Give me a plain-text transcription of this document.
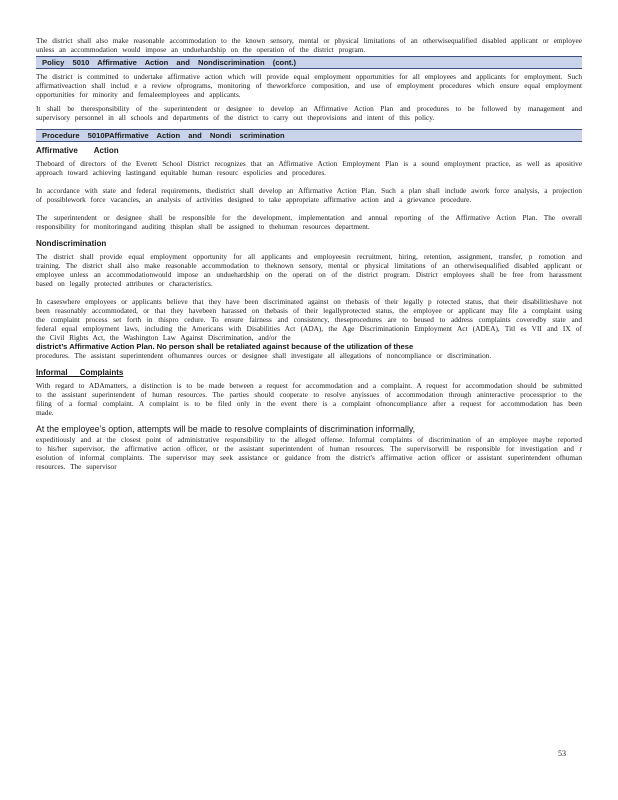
The district shall also make reasonable accommodation to the known sensory, mental or physical limitations of an otherwisequalified disabled applicant or employee unless an accommodation would impose an unduehardship on the operation of the district program.

Policy 5010 Affirmative Action and Nondiscrimination (cont.)

The district is committed to undertake affirmative action which will provide equal employment opportunities for all employees and applicants for employment. Such affirmativeaction shall includ e a review ofprograms, monitoring of theworkforce composition, and use of employment procedures which ensure equal employment opportunities for minority and femaleemployees and applicants.

It shall be theresponsibility of the superintendent or designee to develop an Affirmative Action Plan and procedures to be followed by management and supervisory personnel in all schools and departments of the district to carry out theprovisions and intent of this policy.

Procedure 5010PAffirmative Action and Nondi scrimination
Affirmative Action

Theboard of directors of the Everett School District recognizes that an Affirmative Action Employment Plan is a sound employment practice, as well as apositive approach toward achieving lastingand equitable human resourc espolicies and procedures.

In accordance with state and federal requirements, thedistrict shall develop an Affirmative Action Plan. Such a plan shall include awork force analysis, a projection of possiblework force vacancies, an analysis of activities designed to take appropriate affirmative action and a grievance procedure.

The superintendent or designee shall be responsible for the development, implementation and annual reporting of the Affirmative Action Plan. The overall responsibility for monitoringand auditing thisplan shall be assigned to thehuman resources department.

Nondiscrimination

The district shall provide equal employment opportunity for all applicants and employeesin recruitment, hiring, retention, assignment, transfer, p romotion and training. The district shall also make reasonable accommodation to theknown sensory, mental or physical limitations of an otherwisequalified disabled applicant or employee unless an accommodationwould impose an unduehardship on the operati on of the district program. District employees shall be free from harassment based on legally protected attributes or characteristics.

In caseswhere employees or applicants believe that they have been discriminated against on thebasis of their legally p rotected status, that their disabilitieshave not been reasonably accommodated, or that they havebeen harassed on thebasis of their legallyprotected status, the employee or applicant may file a complaint using the complaint process set forth in thispro cedure. To ensure fairness and consistency, theseprocedures are to beused to address complaints coveredby state and federal equal employment laws, including the Americans with Disabilities Act (ADA), the Age Discriminationin Employment Act (ADEA), Titl es VII and IX of the Civil Rights Act, the Washington Law Against Discrimination, and/or the

district’s Affirmative Action Plan. No person shall be retaliated against because of the utilization of these

procedures. The assistant superintendent ofhumanres ources or designee shall investigate all allegations of noncompliance or discrimination.

Informal Complaints

With regard to ADAmatters, a distinction is to be made between a request for accommodation and a complaint. A request for accommodation should be submitted to the assistant superintendent of human resources. The parties should cooperate to resolve anyissues of accommodation through aninteractive processprior to the filing of a formal complaint. A complaint is to be filed only in the event there is a complaint ofnoncompliance after a request for accommodation has been made.

At the employee’s option, attempts will be made to resolve complaints of discrimination informally,

expeditiously and at the closest point of administrative responsibility to the alleged offense. Informal complaints of discrimination of an employee maybe reported to his/her supervisor, the affirmative action officer, or the assistant superintendent of human resources. The supervisorwill be responsible for investigation and r esolution of informal complaints. The supervisor may seek assistance or guidance from the district's affirmative action officer or assistant superintendent ofhuman resources. The supervisor

53
